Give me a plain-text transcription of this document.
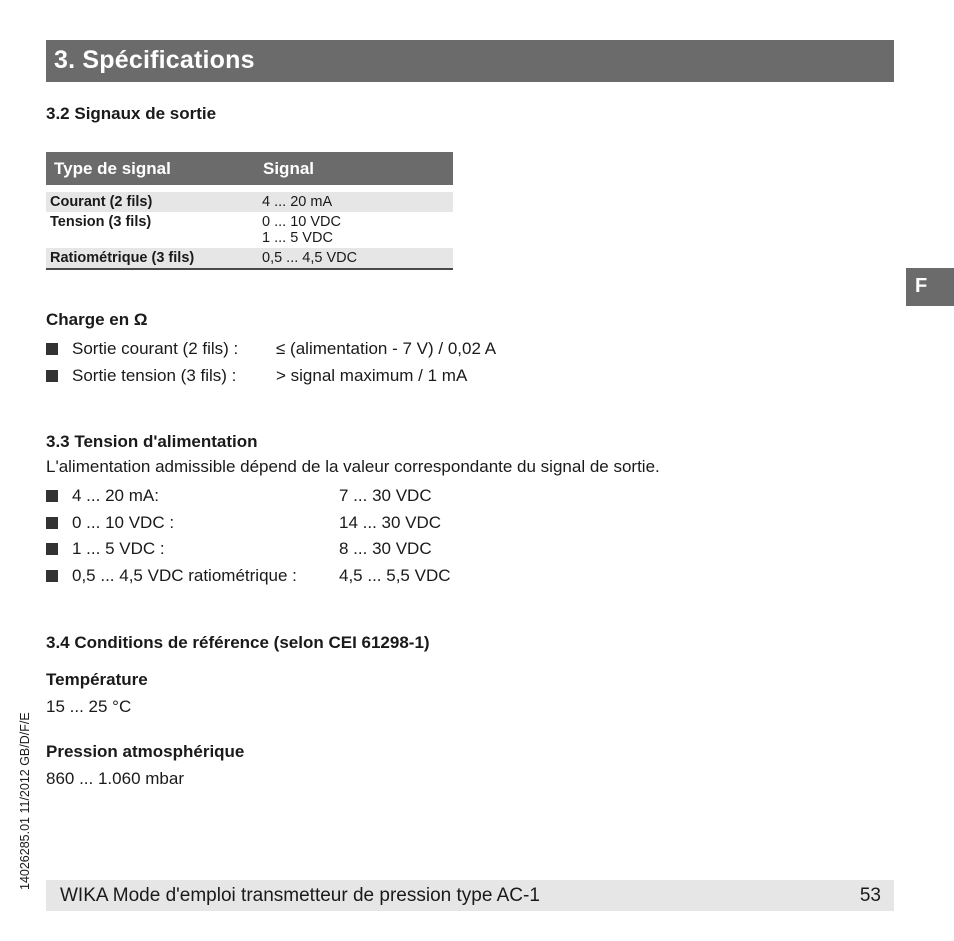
3. Spécifications
F
3.2 Signaux de sortie
Type de signal	Signal

Courant (2 fils)	4 ... 20 mA
Tension (3 fils)	0 ... 10 VDC
1 ... 5 VDC

Ratiométrique (3 fils)	0,5 ... 4,5 VDC
Charge en Ω
Sortie courant (2 fils) : ≤ (alimentation - 7 V) / 0,02 A
Sortie tension (3 fils) : > signal maximum / 1 mA
3.3 Tension d'alimentation
L'alimentation admissible dépend de la valeur correspondante du signal de sortie.
4 ... 20 mA:	7 ... 30 VDC
0 ... 10 VDC :	14 ... 30 VDC
1 ... 5 VDC :	8 ... 30 VDC
0,5 ... 4,5 VDC ratiométrique : 4,5 ... 5,5 VDC
3.4 Conditions de référence (selon CEI 61298-1)
Température
15 ... 25 °C
Pression atmosphérique
860 ... 1.060 mbar
14026285.01 11/2012 GB/D/F/E
WIKA Mode d'emploi transmetteur de pression type AC-1	53
